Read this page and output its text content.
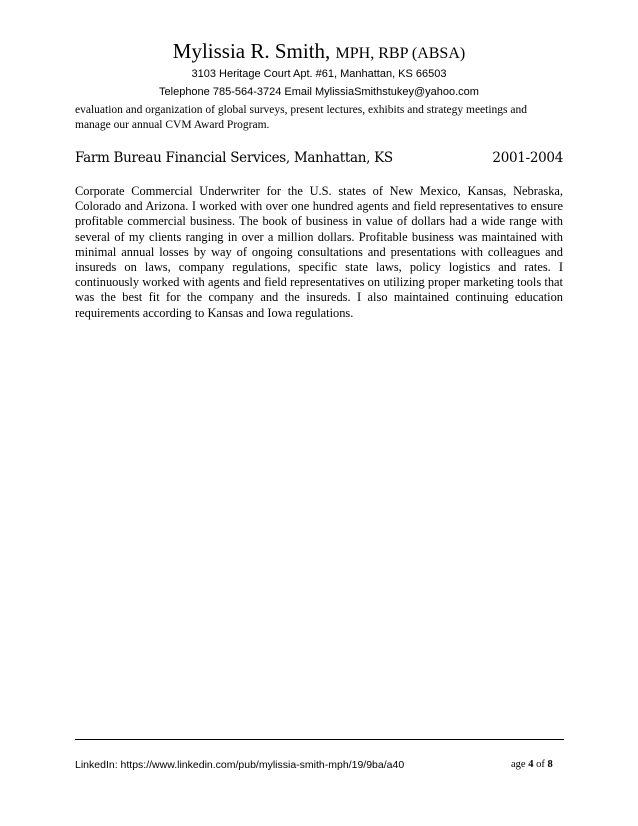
Mylissia R. Smith, MPH, RBP (ABSA)
3103 Heritage Court Apt. #61, Manhattan, KS 66503
Telephone 785-564-3724 Email MylissiaSmithstukey@yahoo.com
evaluation and organization of global surveys, present lectures, exhibits and strategy meetings and manage our annual CVM Award Program.
Farm Bureau Financial Services, Manhattan, KS	2001-2004
Corporate Commercial Underwriter for the U.S. states of New Mexico, Kansas, Nebraska, Colorado and Arizona. I worked with over one hundred agents and field representatives to ensure profitable commercial business. The book of business in value of dollars had a wide range with several of my clients ranging in over a million dollars. Profitable business was maintained with minimal annual losses by way of ongoing consultations and presentations with colleagues and insureds on laws, company regulations, specific state laws, policy logistics and rates. I continuously worked with agents and field representatives on utilizing proper marketing tools that was the best fit for the company and the insureds. I also maintained continuing education requirements according to Kansas and Iowa regulations.
LinkedIn: https://www.linkedin.com/pub/mylissia-smith-mph/19/9ba/a40	age 4 of 8
